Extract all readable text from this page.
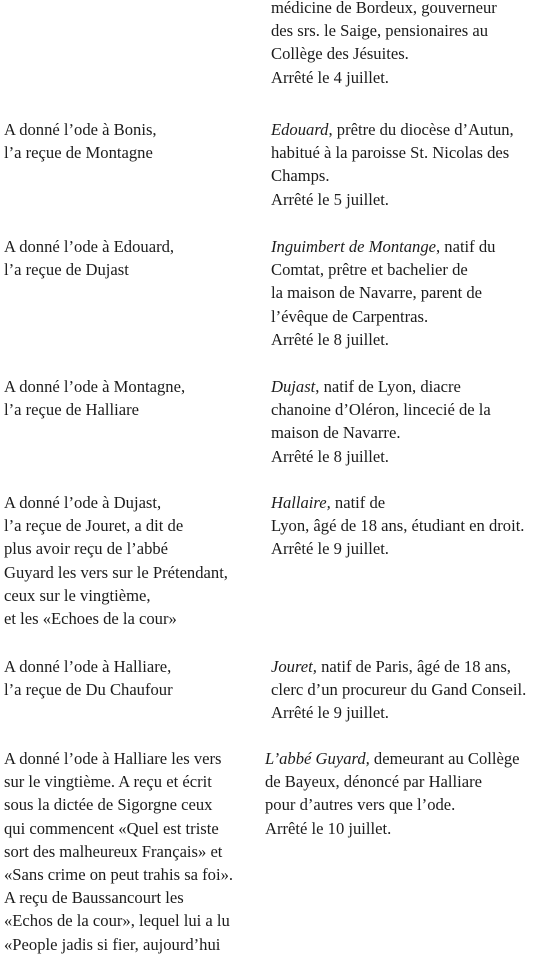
médicine de Bordeux, gouverneur
des srs. le Saige, pensionaires au
Collège des Jésuites.
Arrêté le 4 juillet.
A donné l’ode à Bonis,
l’a reçue de Montagne
Edouard, prêtre du diocèse d’Autun,
habitué à la paroisse St. Nicolas des
Champs.
Arrêté le 5 juillet.
A donné l’ode à Edouard,
l’a reçue de Dujast
Inguimbert de Montange, natif du
Comtat, prêtre et bachelier de
la maison de Navarre, parent de
l’évêque de Carpentras.
Arrêté le 8 juillet.
A donné l’ode à Montagne,
l’a reçue de Halliare
Dujast, natif de Lyon, diacre
chanoine d’Oléron, lincecié de la
maison de Navarre.
Arrêté le 8 juillet.
A donné l’ode à Dujast,
l’a reçue de Jouret, a dit de
plus avoir reçu de l’abbé
Guyard les vers sur le Prétendant,
ceux sur le vingtième,
et les «Echoes de la cour»
Hallaire, natif de
Lyon, âgé de 18 ans, étudiant en droit.
Arrêté le 9 juillet.
A donné l’ode à Halliare,
l’a reçue de Du Chaufour
Jouret, natif de Paris, âgé de 18 ans,
clerc d’un procureur du Gand Conseil.
Arrêté le 9 juillet.
A donné l’ode à Halliare les vers
sur le vingtième. A reçu et écrit
sous la dictée de Sigorgne ceux
qui commencent «Quel est triste
sort des malheureux Français» et
«Sans crime on peut trahis sa foi».
A reçu de Baussancourt les
«Echos de la cour», lequel lui a lu
«People jadis si fier, aujourd’hui
L’abbé Guyard, demeurant au Collège
de Bayeux, dénoncé par Halliare
pour d’autres vers que l’ode.
Arrêté le 10 juillet.
